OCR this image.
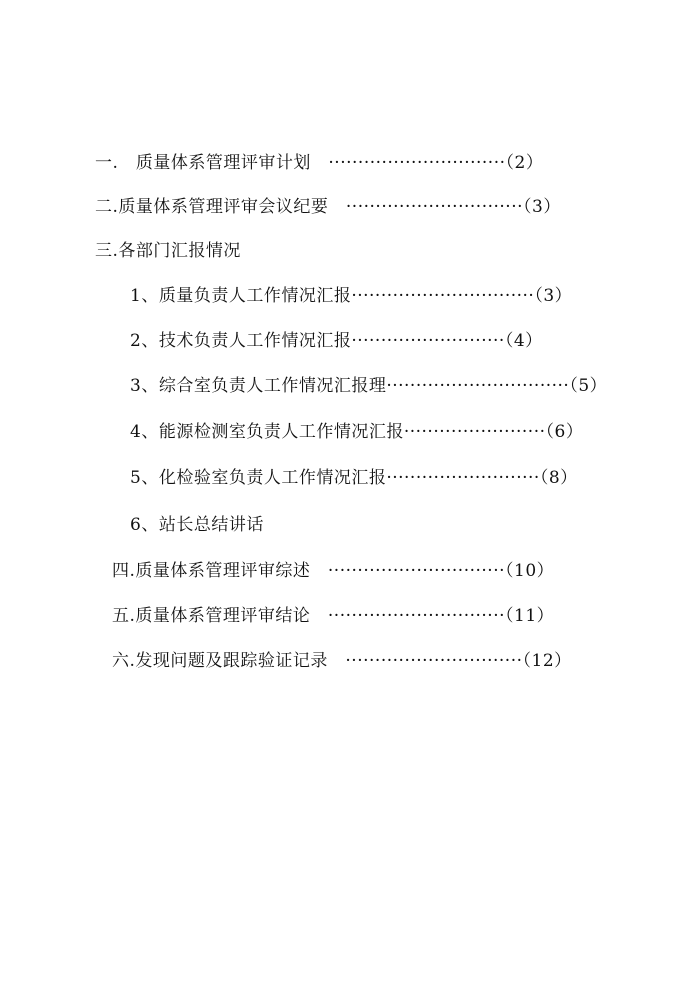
一.　质量体系管理评审计划　······························（2）
二.质量体系管理评审会议纪要　······························（3）
三.各部门汇报情况
1、质量负责人工作情况汇报·······························（3）
2、技术负责人工作情况汇报··························（4）
3、综合室负责人工作情况汇报理·······························（5）
4、能源检测室负责人工作情况汇报························（6）
5、化检验室负责人工作情况汇报··························（8）
6、站长总结讲话
四.质量体系管理评审综述　······························（10）
五.质量体系管理评审结论　······························（11）
六.发现问题及跟踪验证记录　······························（12）
